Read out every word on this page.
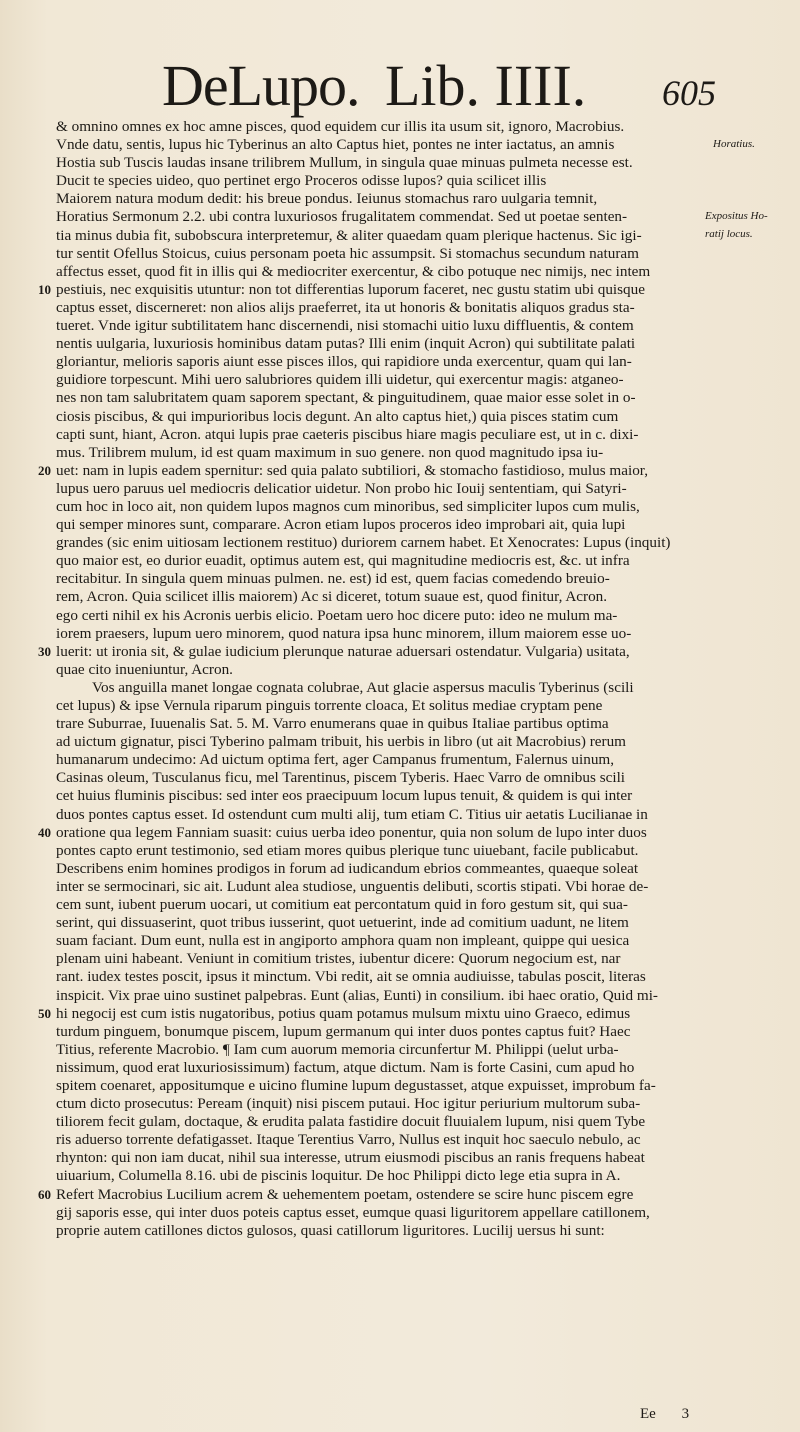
DeLupo. Lib. IIII. 605
& omnino omnes ex hoc amne pisces, quod equidem cur illis ita usum sit, ignoro, Macrobius.
Vnde datu, sentis, lupus hic Tyberinus an alto Captus hiet, pontes ne inter iactatus, an amnis
Hostia sub Tuscis laudas insane trilibrem Mullum, in singula quae minuas pulmeta necesse est.
Ducit te species uideo, quo pertinet ergo Proceros odisse lupos? quia scilicet illis
Maiorem natura modum dedit: his breue pondus. Ieiunus stomachus raro uulgaria temnit,
Horatius Sermonum 2.2. ubi contra luxuriosos frugalitatem commendat. Sed ut poetae senten-
tia minus dubia fit, subobscura interpretemur, & aliter quaedam quam plerique hactenus. Sic igi-
tur sentit Ofellus Stoicus, cuius personam poeta hic assumpsit. Si stomachus secundum naturam
affectus esset, quod fit in illis qui & mediocriter exercentur, & cibo potuque nec nimijs, nec intem
10 pestiuis, nec exquisitis utuntur: non tot differentias luporum faceret, nec gustu statim ubi quisque
captus esset, discerneret: non alios alijs praeferret, ita ut honoris & bonitatis aliquos gradus sta-
tueret. Vnde igitur subtilitatem hanc discernendi, nisi stomachi uitio luxu diffluentis, & contem
nentis uulgaria, luxuriosis hominibus datam putas? Illi enim (inquit Acron) qui subtilitate palati
gloriantur, melioris saporis aiunt esse pisces illos, qui rapidiore unda exercentur, quam qui lan-
guidiore torpescunt. Mihi uero salubriores quidem illi uidetur, qui exercentur magis: atganeo-
nes non tam salubritatem quam saporem spectant, & pinguitudinem, quae maior esse solet in o-
ciosis piscibus, & qui impurioribus locis degunt. An alto captus hiet,) quia pisces statim cum
capti sunt, hiant, Acron. atqui lupis prae caeteris piscibus hiare magis peculiare est, ut in c. dixi-
mus. Trilibrem mulum, id est quam maximum in suo genere. non quod magnitudo ipsa iu-
20 uet: nam in lupis eadem spernitur: sed quia palato subtiliori, & stomacho fastidioso, mulus maior,
lupus uero paruus uel mediocris delicatior uidetur. Non probo hic Iouij sententiam, qui Satyri-
cum hoc in loco ait, non quidem lupos magnos cum minoribus, sed simpliciter lupos cum mulis,
qui semper minores sunt, comparare. Acron etiam lupos proceros ideo improbari ait, quia lupi
grandes (sic enim uitiosam lectionem restituo) duriorem carnem habet. Et Xenocrates: Lupus (inquit)
quo maior est, eo durior euadit, optimus autem est, qui magnitudine mediocris est, &c. ut infra
recitabitur. In singula quem minuas pulmen. ne. est) id est, quem facias comedendo breuio-
rem, Acron. Quia scilicet illis maiorem) Ac si diceret, totum suaue est, quod finitur, Acron.
ego certi nihil ex his Acronis uerbis elicio. Poetam uero hoc dicere puto: ideo ne mulum ma-
iorem praesers, lupum uero minorem, quod natura ipsa hunc minorem, illum maiorem esse uo-
30 luerit: ut ironia sit, & gulae iudicium plerunque naturae aduersari ostendatur. Vulgaria) usitata,
quae cito inueniuntur, Acron.
Vos anguilla manet longae cognata colubrae, Aut glacie aspersus maculis Tyberinus (scili
cet lupus) & ipse Vernula riparum pinguis torrente cloaca, Et solitus mediae cryptam pene
trare Suburrae, Iuuenalis Sat. 5. M. Varro enumerans quae in quibus Italiae partibus optima
ad uictum gignatur, pisci Tyberino palmam tribuit, his uerbis in libro (ut ait Macrobius) rerum
humanarum undecimo: Ad uictum optima fert, ager Campanus frumentum, Falernus uinum,
Casinas oleum, Tusculanus ficu, mel Tarentinus, piscem Tyberis. Haec Varro de omnibus scili
cet huius fluminis piscibus: sed inter eos praecipuum locum lupus tenuit, & quidem is qui inter
duos pontes captus esset. Id ostendunt cum multi alij, tum etiam C. Titius uir aetatis Lucilianae in
40 oratione qua legem Fanniam suasit: cuius uerba ideo ponentur, quia non solum de lupo inter duos
pontes capto erunt testimonio, sed etiam mores quibus plerique tunc uiuebant, facile publicabut.
Describens enim homines prodigos in forum ad iudicandum ebrios commeantes, quaeque soleat
inter se sermocinari, sic ait. Ludunt alea studiose, unguentis delibuti, scortis stipati. Vbi horae de-
cem sunt, iubent puerum uocari, ut comitium eat percontatum quid in foro gestum sit, qui sua-
serint, qui dissuaserint, quot tribus iusserint, quot uetuerint, inde ad comitium uadunt, ne litem
suam faciant. Dum eunt, nulla est in angiporto amphora quam non impleant, quippe qui uesica
plenam uini habeant. Veniunt in comitium tristes, iubentur dicere: Quorum negocium est, nar
rant. iudex testes poscit, ipsus it minctum. Vbi redit, ait se omnia audiuisse, tabulas poscit, literas
inspicit. Vix prae uino sustinet palpebras. Eunt (alias, Eunti) in consilium. ibi haec oratio, Quid mi-
50 hi negocij est cum istis nugatoribus, potius quam potamus mulsum mixtu uino Graeco, edimus
turdum pinguem, bonumque piscem, lupum germanum qui inter duos pontes captus fuit? Haec
Titius, referente Macrobio. ¶ Iam cum auorum memoria circunfertur M. Philippi (uelut urba-
nissimum, quod erat luxuriosissimum) factum, atque dictum. Nam is forte Casini, cum apud ho
spitem coenaret, appositumque e uicino flumine lupum degustasset, atque expuisset, improbum fa-
ctum dicto prosecutus: Peream (inquit) nisi piscem putaui. Hoc igitur periurium multorum suba-
tiliorem fecit gulam, doctaque, & erudita palata fastidire docuit fluuialem lupum, nisi quem Tybe
ris aduerso torrente defatigasset. Itaque Terentius Varro, Nullus est inquit hoc saeculo nebulo, ac
rhynton: qui non iam ducat, nihil sua interesse, utrum eiusmodi piscibus an ranis frequens habeat
uiuarium, Columella 8.16. ubi de piscinis loquitur. De hoc Philippi dicto lege etia supra in A.
60 Refert Macrobius Lucilium acrem & uehementem poetam, ostendere se scire hunc piscem egre
gij saporis esse, qui inter duos poteis captus esset, eumque quasi liguritorem appellare catillonem,
proprie autem catillones dictos gulosos, quasi catillorum liguritores. Lucilij uersus hi sunt:
Horatius.
Expositus Ho-
ratij locus.
Ee 3
